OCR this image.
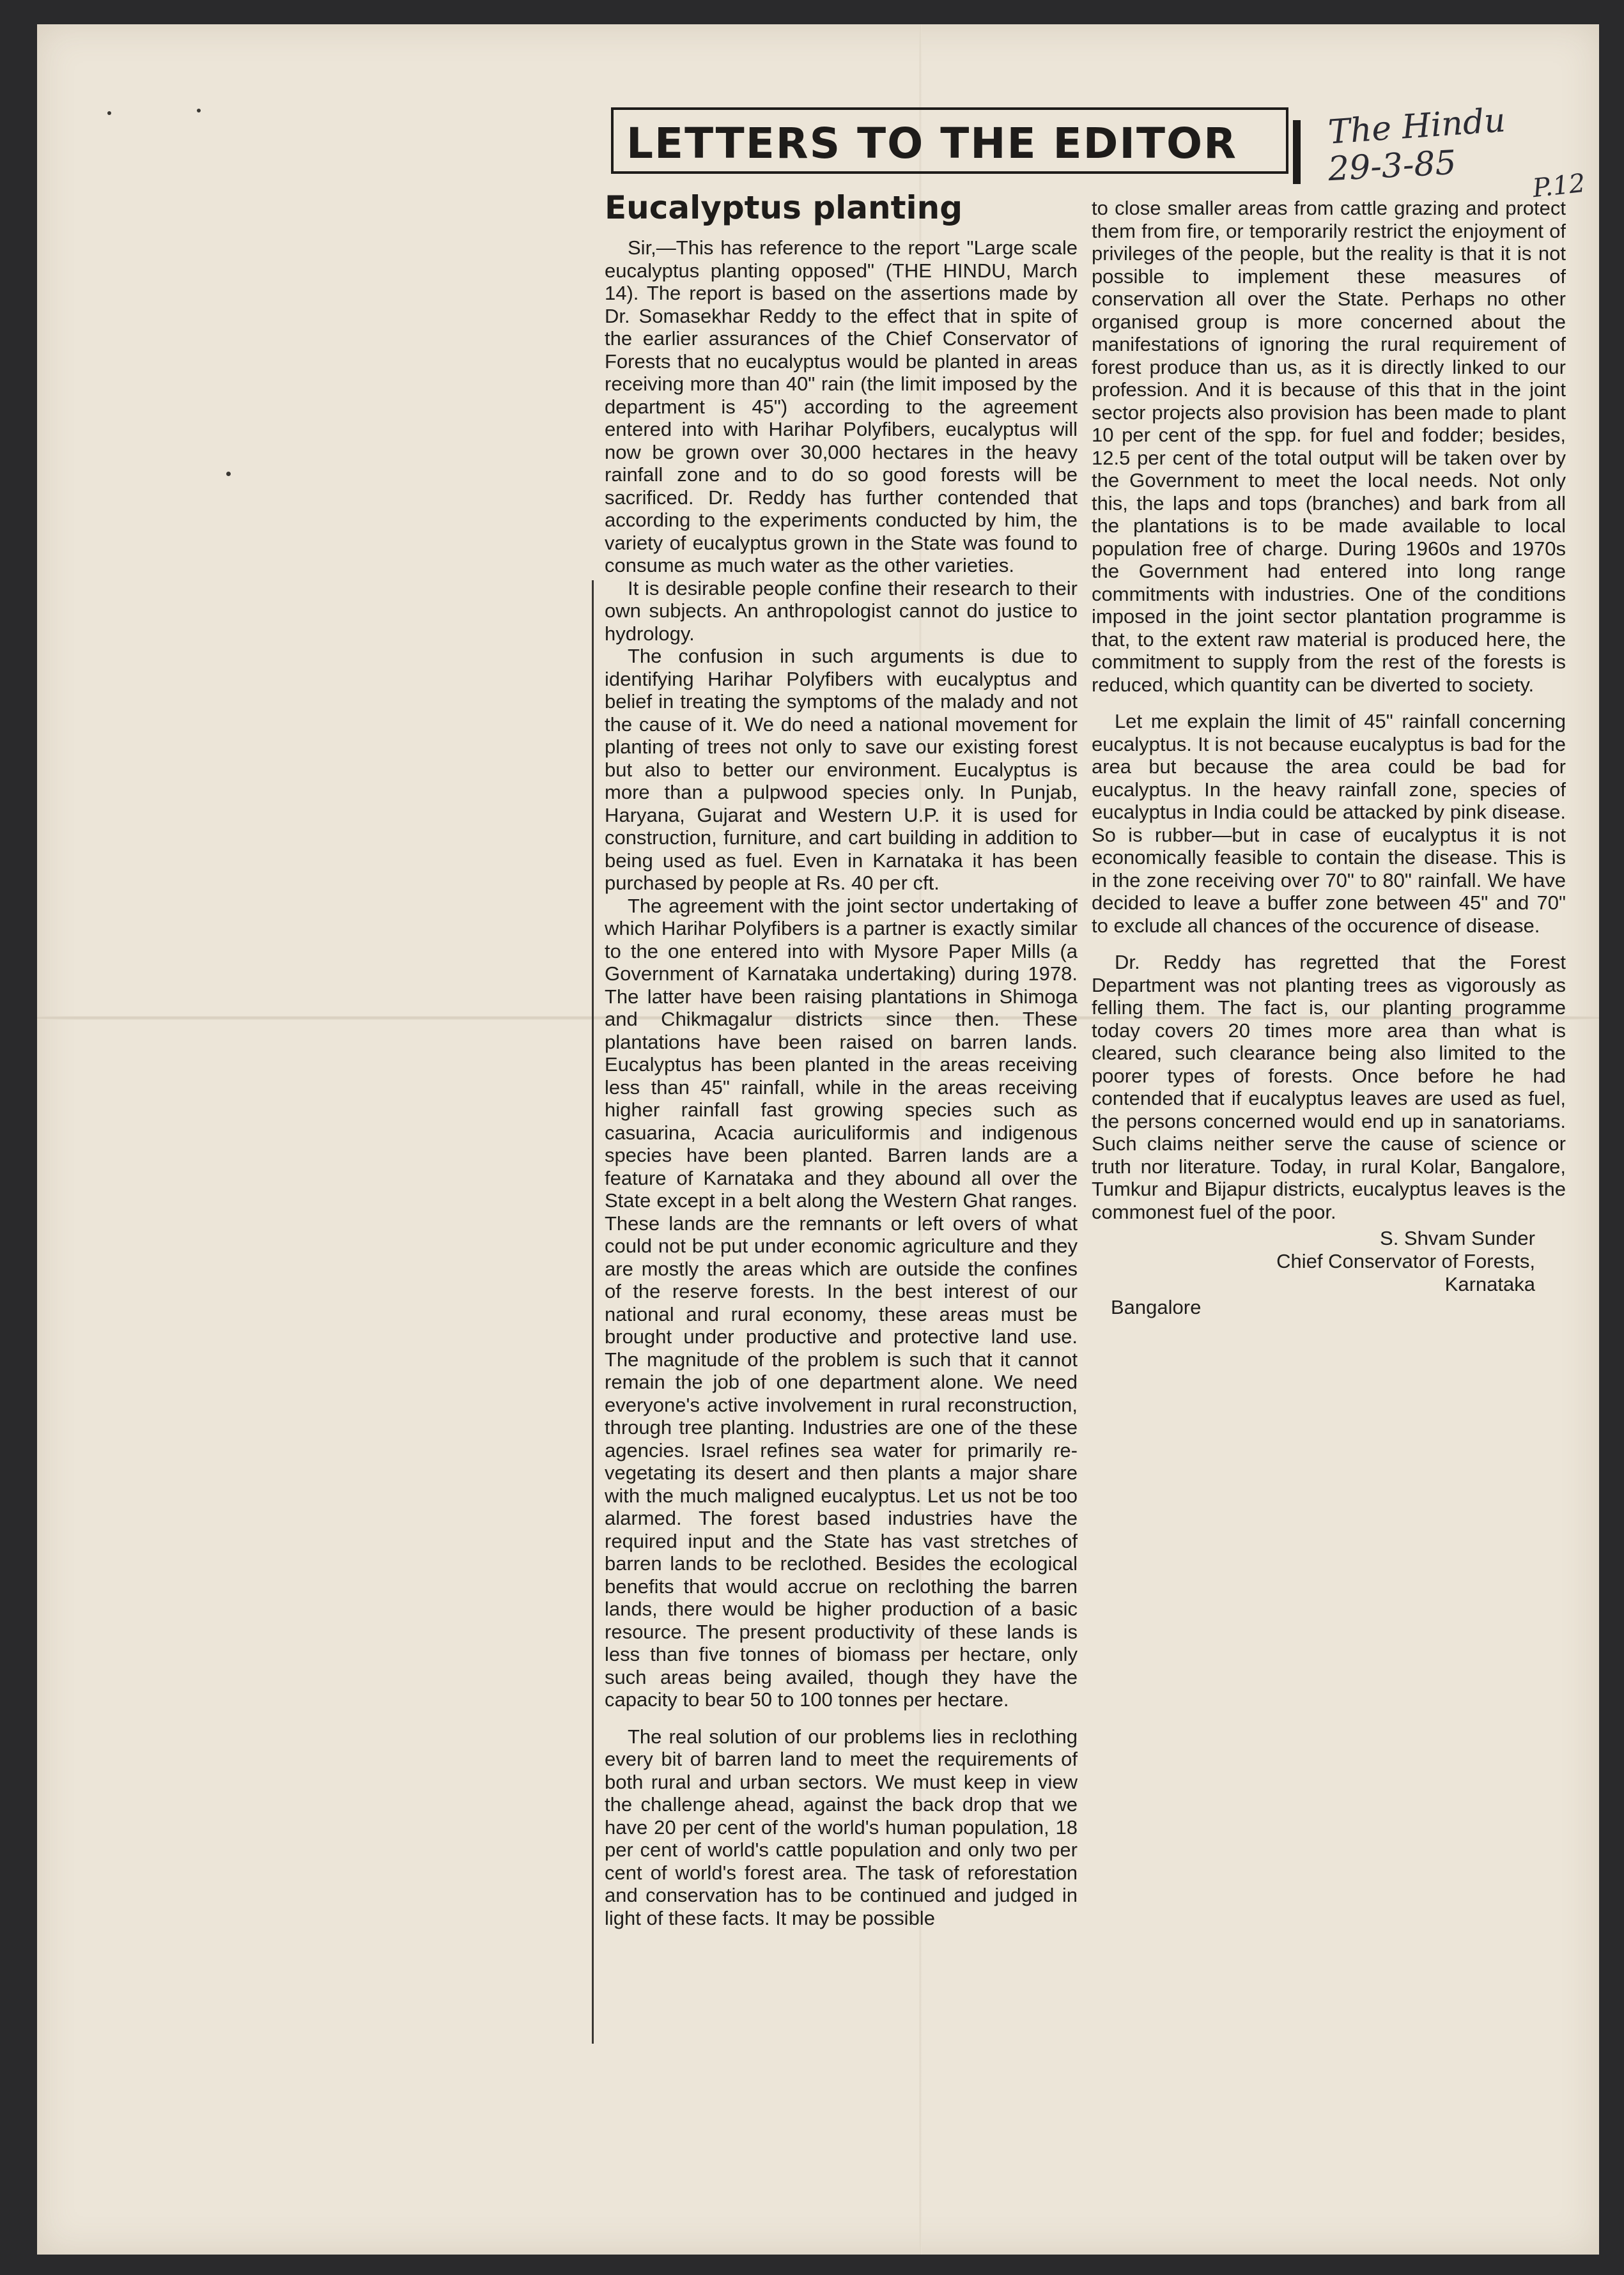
LETTERS TO THE EDITOR	The Hindu
29-3-85	P.12
Eucalyptus planting

Sir,—This has reference to the report "Large scale eucalyptus planting opposed" (THE HINDU, March 14). The report is based on the assertions made by Dr. Somasekhar Reddy to the effect that in spite of the earlier assurances of the Chief Conservator of Forests that no eucalyptus would be planted in areas receiving more than 40" rain (the limit imposed by the department is 45") according to the agreement entered into with Harihar Polyfibers, eucalyptus will now be grown over 30,000 hectares in the heavy rainfall zone and to do so good forests will be sacrificed. Dr. Reddy has further contended that according to the experiments conducted by him, the variety of eucalyptus grown in the State was found to consume as much water as the other varieties.

It is desirable people confine their research to their own subjects. An anthropologist cannot do justice to hydrology.

The confusion in such arguments is due to identifying Harihar Polyfibers with eucalyptus and belief in treating the symptoms of the malady and not the cause of it. We do need a national movement for planting of trees not only to save our existing forest but also to better our environment. Eucalyptus is more than a pulpwood species only. In Punjab, Haryana, Gujarat and Western U.P. it is used for construction, furniture, and cart building in addition to being used as fuel. Even in Karnataka it has been purchased by people at Rs. 40 per cft.

The agreement with the joint sector undertaking of which Harihar Polyfibers is a partner is exactly similar to the one entered into with Mysore Paper Mills (a Government of Karnataka undertaking) during 1978. The latter have been raising plantations in Shimoga and Chikmagalur districts since then. These plantations have been raised on barren lands. Eucalyptus has been planted in the areas receiving less than 45" rainfall, while in the areas receiving higher rainfall fast growing species such as casuarina, Acacia auriculiformis and indigenous species have been planted. Barren lands are a feature of Karnataka and they abound all over the State except in a belt along the Western Ghat ranges. These lands are the remnants or left overs of what could not be put under economic agriculture and they are mostly the areas which are outside the confines of the reserve forests. In the best interest of our national and rural economy, these areas must be brought under productive and protective land use. The magnitude of the problem is such that it cannot remain the job of one department alone. We need everyone's active involvement in rural reconstruction, through tree planting. Industries are one of the these agencies. Israel refines sea water for primarily re-vegetating its desert and then plants a major share with the much maligned eucalyptus. Let us not be too alarmed. The forest based industries have the required input and the State has vast stretches of barren lands to be reclothed. Besides the ecological benefits that would accrue on reclothing the barren lands, there would be higher production of a basic resource. The present productivity of these lands is less than five tonnes of biomass per hectare, only such areas being availed, though they have the capacity to bear 50 to 100 tonnes per hectare.

The real solution of our problems lies in reclothing every bit of barren land to meet the requirements of both rural and urban sectors. We must keep in view the challenge ahead, against the back drop that we have 20 per cent of the world's human population, 18 per cent of world's cattle population and only two per cent of world's forest area. The task of reforestation and conservation has to be continued and judged in light of these facts. It may be possible

to close smaller areas from cattle grazing and protect them from fire, or temporarily restrict the enjoyment of privileges of the people, but the reality is that it is not possible to implement these measures of conservation all over the State. Perhaps no other organised group is more concerned about the manifestations of ignoring the rural requirement of forest produce than us, as it is directly linked to our profession. And it is because of this that in the joint sector projects also provision has been made to plant 10 per cent of the spp. for fuel and fodder; besides, 12.5 per cent of the total output will be taken over by the Government to meet the local needs. Not only this, the laps and tops (branches) and bark from all the plantations is to be made available to local population free of charge. During 1960s and 1970s the Government had entered into long range commitments with industries. One of the conditions imposed in the joint sector plantation programme is that, to the extent raw material is produced here, the commitment to supply from the rest of the forests is reduced, which quantity can be diverted to society.

Let me explain the limit of 45" rainfall concerning eucalyptus. It is not because eucalyptus is bad for the area but because the area could be bad for eucalyptus. In the heavy rainfall zone, species of eucalyptus in India could be attacked by pink disease. So is rubber—but in case of eucalyptus it is not economically feasible to contain the disease. This is in the zone receiving over 70" to 80" rainfall. We have decided to leave a buffer zone between 45" and 70" to exclude all chances of the occurence of disease.

Dr. Reddy has regretted that the Forest Department was not planting trees as vigorously as felling them. The fact is, our planting programme today covers 20 times more area than what is cleared, such clearance being also limited to the poorer types of forests. Once before he had contended that if eucalyptus leaves are used as fuel, the persons concerned would end up in sanatoriams. Such claims neither serve the cause of science or truth nor literature. Today, in rural Kolar, Bangalore, Tumkur and Bijapur districts, eucalyptus leaves is the commonest fuel of the poor.

S. Shvam Sunder
Chief Conservator of Forests,
Karnataka
Bangalore
